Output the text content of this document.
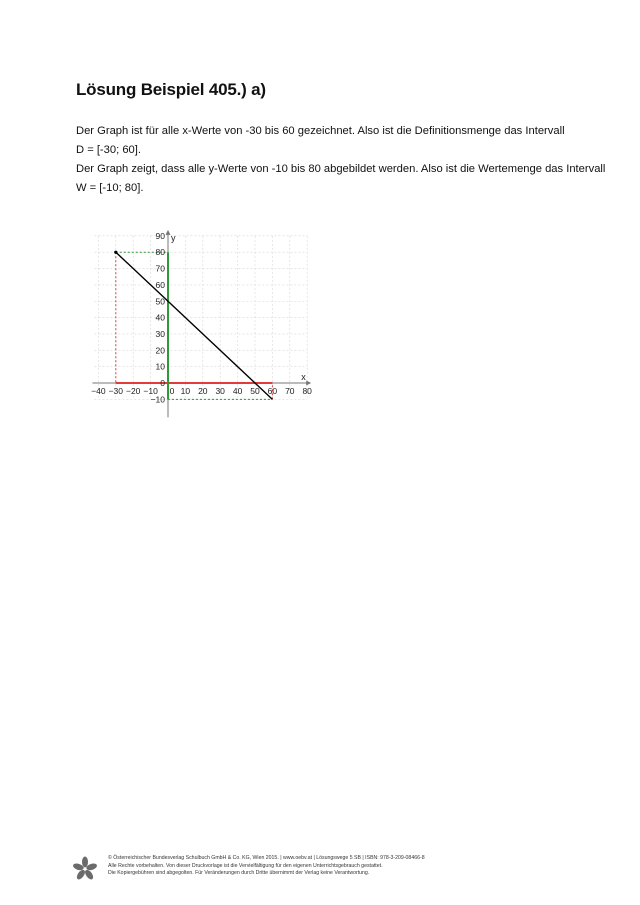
Lösung Beispiel 405.) a)

Der Graph ist für alle x-Werte von -30 bis 60 gezeichnet. Also ist die Definitionsmenge das Intervall

D = [-30; 60].

Der Graph zeigt, dass alle y-Werte von -10 bis 80 abgebildet werden. Also ist die Wertemenge das Intervall

W = [-10; 80].

−40 −30 −20 −10 0 10 20 30 40 50 60 70 80
−10
0
10
20
30
40
50
60
70
80
90
x
y
© Österreichischer Bundesverlag Schulbuch GmbH & Co. KG, Wien 2015. | www.oebv.at | Lösungswege 5 SB | ISBN: 978-3-209-08466-8
Alle Rechte vorbehalten. Von dieser Druckvorlage ist die Vervielfältigung für den eigenen Unterrichtsgebrauch gestattet.
Die Kopiergebühren sind abgegolten. Für Veränderungen durch Dritte übernimmt der Verlag keine Verantwortung.
